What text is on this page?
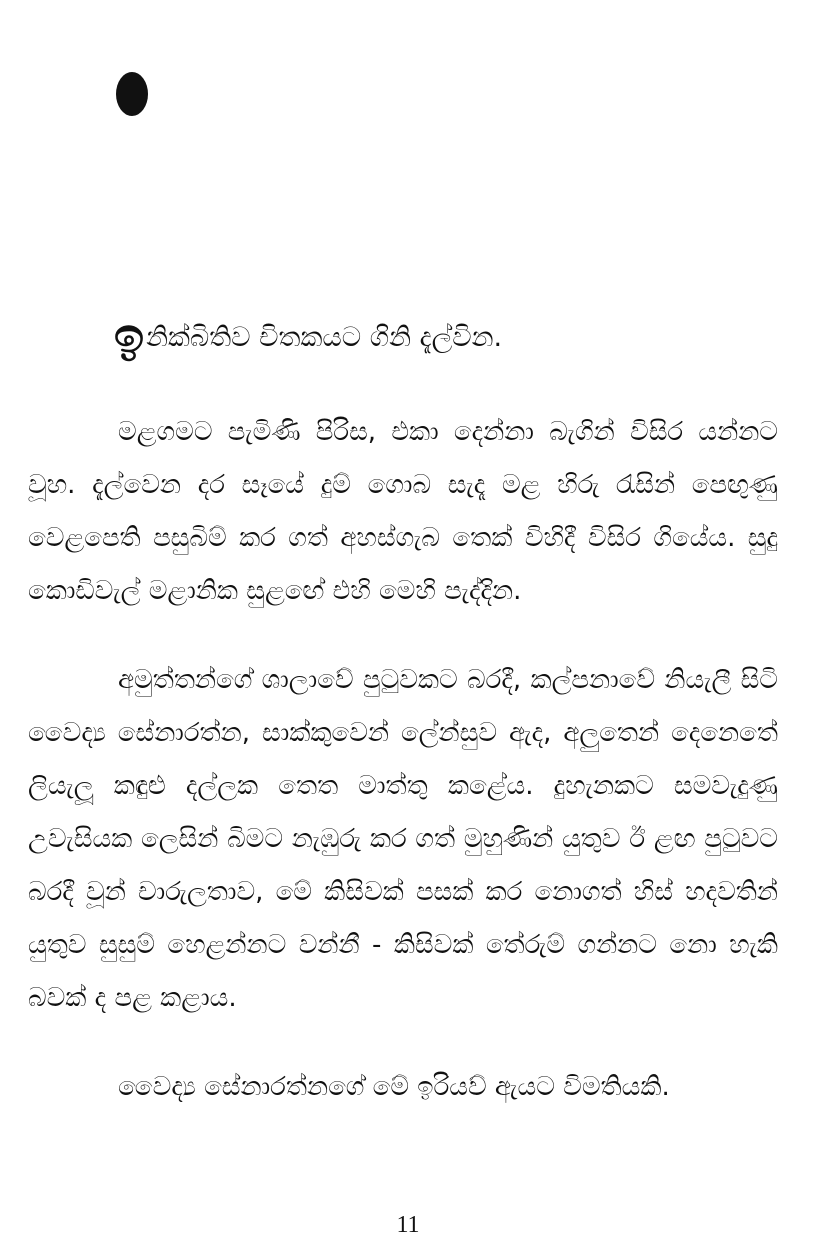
ඉනික්බිතිව චිතකයට ගිනි දැල්වින.

මළගමට පැමිණි පිරිස, එකා දෙන්නා බැගින් විසිර යන්නට වූහ. දැල්වෙන දර සෑයේ දුම් ගොබ සැදෑ මළ හිරු රැසින් පෙඟුණු වෙළපෙති පසුබිම් කර ගත් අහස්ගැබ තෙක් විහිදී විසිර ගියේය. සුදු කොඩිවැල් මළානික සුළඟේ එහි මෙහි පැද්දින.

අමුත්තන්ගේ ශාලාවේ පුටුවකට බරදී, කල්පනාවේ නියැලී සිටි වෛද්‍ය සේනාරත්න, සාක්කුවෙන් ලේන්සුව ඇද, අලුතෙන් දෙනෙතේ ලියැලූ කඳුළු දල්ලක තෙත මාත්තු කළේය. දුහැනකට සමවැදුණු උවැසියක ලෙසින් බිමට නැඹුරු කර ගත් මුහුණින් යුතුව ඊ ළඟ පුටුවට බරදී වූන් චාරුලතාව, මේ කිසිවක් පසක් කර නොගත් හිස් හදවතින් යුතුව සුසුම් හෙළන්නට වන්නී - කිසිවක් තේරුම් ගන්නට නො හැකි බවක් ද පළ කළාය.

වෛද්‍ය සේනාරත්නගේ මේ ඉරියව් ඇයට විමතියකි.

11
